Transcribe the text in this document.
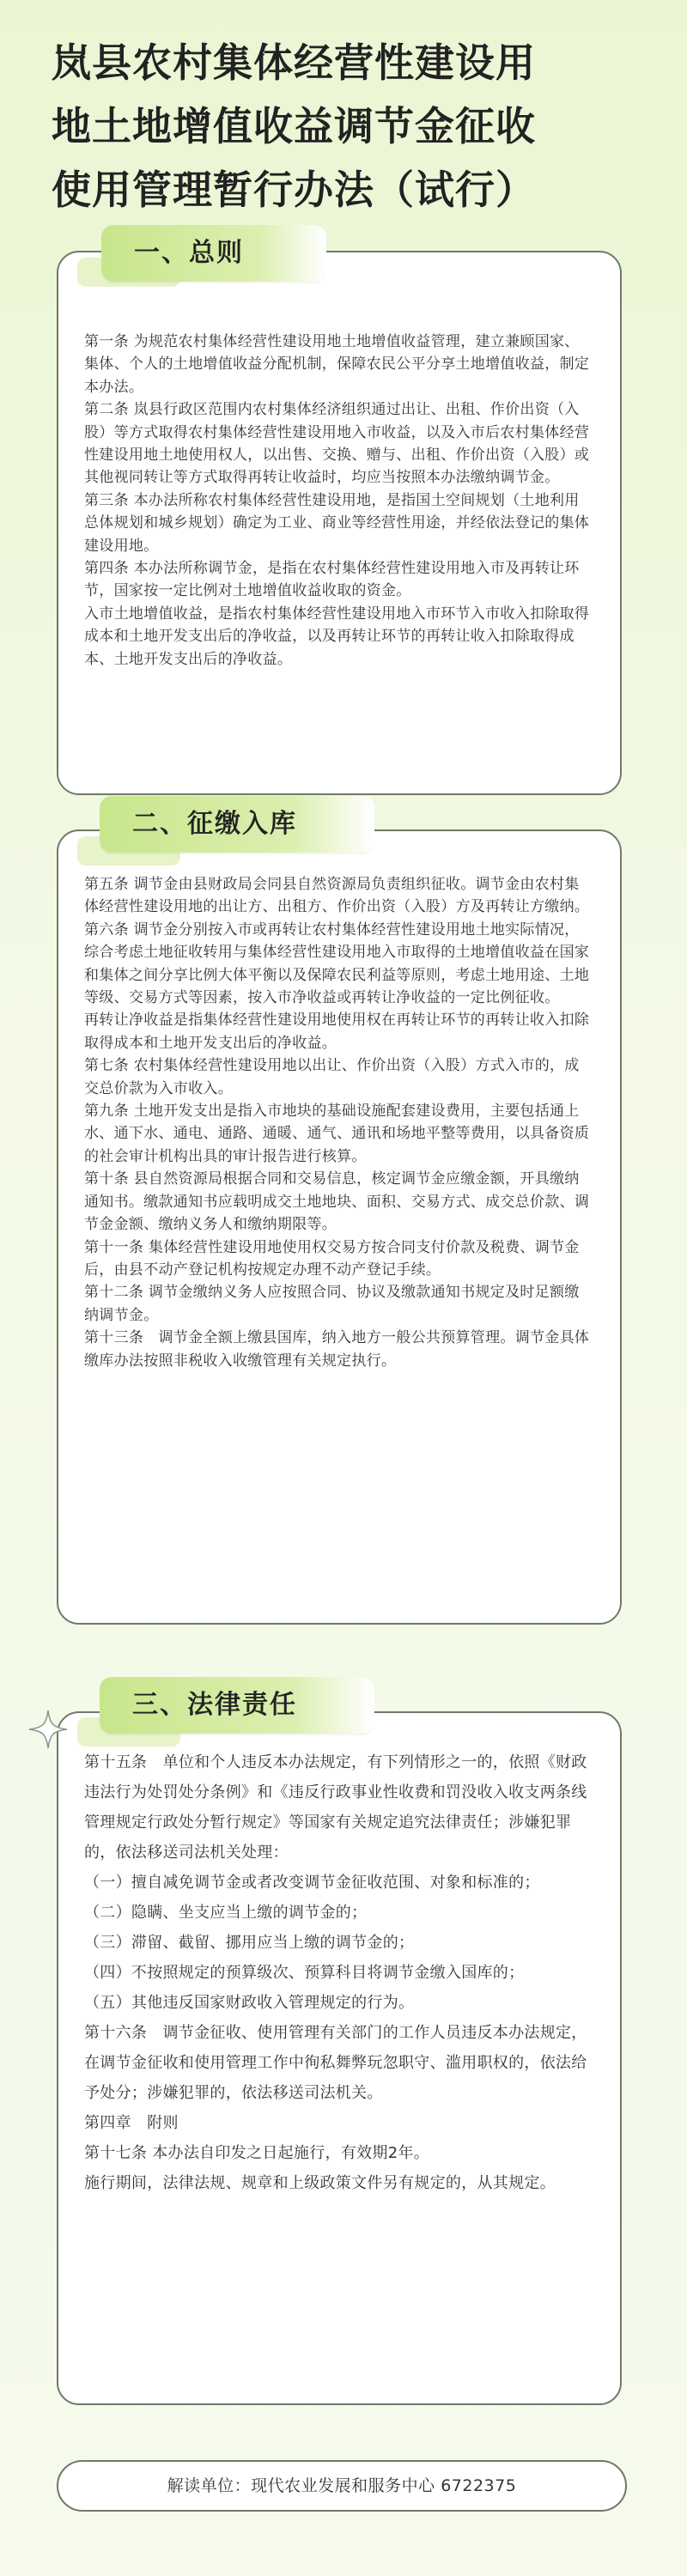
岚县农村集体经营性建设用
地土地增值收益调节金征收
使用管理暂行办法（试行）
一、总则

第一条 为规范农村集体经营性建设用地土地增值收益管理，建立兼顾国家、集体、个人的土地增值收益分配机制，保障农民公平分享土地增值收益，制定本办法。

第二条 岚县行政区范围内农村集体经济组织通过出让、出租、作价出资（入股）等方式取得农村集体经营性建设用地入市收益，以及入市后农村集体经营性建设用地土地使用权人，以出售、交换、赠与、出租、作价出资（入股）或其他视同转让等方式取得再转让收益时，均应当按照本办法缴纳调节金。

第三条 本办法所称农村集体经营性建设用地，是指国土空间规划（土地利用总体规划和城乡规划）确定为工业、商业等经营性用途，并经依法登记的集体建设用地。

第四条 本办法所称调节金，是指在农村集体经营性建设用地入市及再转让环节，国家按一定比例对土地增值收益收取的资金。

入市土地增值收益，是指农村集体经营性建设用地入市环节入市收入扣除取得成本和土地开发支出后的净收益，以及再转让环节的再转让收入扣除取得成本、土地开发支出后的净收益。

二、征缴入库

第五条 调节金由县财政局会同县自然资源局负责组织征收。调节金由农村集体经营性建设用地的出让方、出租方、作价出资（入股）方及再转让方缴纳。

第六条 调节金分别按入市或再转让农村集体经营性建设用地土地实际情况，综合考虑土地征收转用与集体经营性建设用地入市取得的土地增值收益在国家和集体之间分享比例大体平衡以及保障农民利益等原则，考虑土地用途、土地等级、交易方式等因素，按入市净收益或再转让净收益的一定比例征收。

再转让净收益是指集体经营性建设用地使用权在再转让环节的再转让收入扣除取得成本和土地开发支出后的净收益。

第七条 农村集体经营性建设用地以出让、作价出资（入股）方式入市的，成交总价款为入市收入。

第九条 土地开发支出是指入市地块的基础设施配套建设费用，主要包括通上水、通下水、通电、通路、通暖、通气、通讯和场地平整等费用，以具备资质的社会审计机构出具的审计报告进行核算。

第十条 县自然资源局根据合同和交易信息，核定调节金应缴金额，开具缴纳通知书。缴款通知书应载明成交土地地块、面积、交易方式、成交总价款、调节金金额、缴纳义务人和缴纳期限等。

第十一条 集体经营性建设用地使用权交易方按合同支付价款及税费、调节金后，由县不动产登记机构按规定办理不动产登记手续。

第十二条 调节金缴纳义务人应按照合同、协议及缴款通知书规定及时足额缴纳调节金。

第十三条　调节金全额上缴县国库，纳入地方一般公共预算管理。调节金具体缴库办法按照非税收入收缴管理有关规定执行。

三、法律责任

第十五条　单位和个人违反本办法规定，有下列情形之一的，依照《财政违法行为处罚处分条例》和《违反行政事业性收费和罚没收入收支两条线管理规定行政处分暂行规定》等国家有关规定追究法律责任；涉嫌犯罪的，依法移送司法机关处理：

（一）擅自减免调节金或者改变调节金征收范围、对象和标准的；

（二）隐瞒、坐支应当上缴的调节金的；

（三）滞留、截留、挪用应当上缴的调节金的；

（四）不按照规定的预算级次、预算科目将调节金缴入国库的；

（五）其他违反国家财政收入管理规定的行为。

第十六条　调节金征收、使用管理有关部门的工作人员违反本办法规定，在调节金征收和使用管理工作中徇私舞弊玩忽职守、滥用职权的，依法给予处分；涉嫌犯罪的，依法移送司法机关。

第四章　附则

第十七条 本办法自印发之日起施行，有效期2年。

施行期间，法律法规、规章和上级政策文件另有规定的，从其规定。

解读单位：现代农业发展和服务中心 6722375
